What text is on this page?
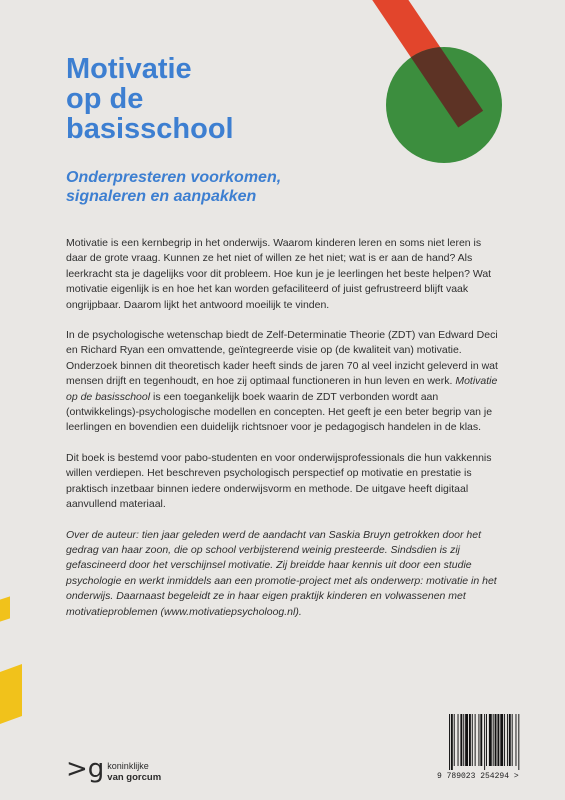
Motivatie
op de
basisschool
Onderpresteren voorkomen,
signaleren en aanpakken

Motivatie is een kernbegrip in het onderwijs. Waarom kinderen leren en soms niet leren is daar de grote vraag. Kunnen ze het niet of willen ze het niet; wat is er aan de hand? Als leerkracht sta je dagelijks voor dit probleem. Hoe kun je je leerlingen het beste helpen? Wat motivatie eigenlijk is en hoe het kan worden gefaciliteerd of juist gefrustreerd blijft vaak ongrijpbaar. Daarom lijkt het antwoord moeilijk te vinden.

In de psychologische wetenschap biedt de Zelf-Determinatie Theorie (ZDT) van Edward Deci en Richard Ryan een omvattende, geïntegreerde visie op (de kwaliteit van) motivatie. Onderzoek binnen dit theoretisch kader heeft sinds de jaren 70 al veel inzicht geleverd in wat mensen drijft en tegenhoudt, en hoe zij optimaal functioneren in hun leven en werk. Motivatie op de basisschool is een toegankelijk boek waarin de ZDT verbonden wordt aan (ontwikkelings)-psychologische modellen en concepten. Het geeft je een beter begrip van je leerlingen en bovendien een duidelijk richtsnoer voor je pedagogisch handelen in de klas.

Dit boek is bestemd voor pabo-studenten en voor onderwijsprofessionals die hun vakkennis willen verdiepen. Het beschreven psychologisch perspectief op motivatie en prestatie is praktisch inzetbaar binnen iedere onderwijsvorm en methode. De uitgave heeft digitaal aanvullend materiaal.

Over de auteur: tien jaar geleden werd de aandacht van Saskia Bruyn getrokken door het gedrag van haar zoon, die op school verbijsterend weinig presteerde. Sindsdien is zij gefascineerd door het verschijnsel motivatie. Zij breidde haar kennis uit door een studie psychologie en werkt inmiddels aan een promotie-project met als onderwerp: motivatie in het onderwijs. Daarnaast begeleidt ze in haar eigen praktijk kinderen en volwassenen met motivatieproblemen (www.motivatiepsycholoog.nl).

>g koninklijke
van gorcum	9 789023 254294 >
